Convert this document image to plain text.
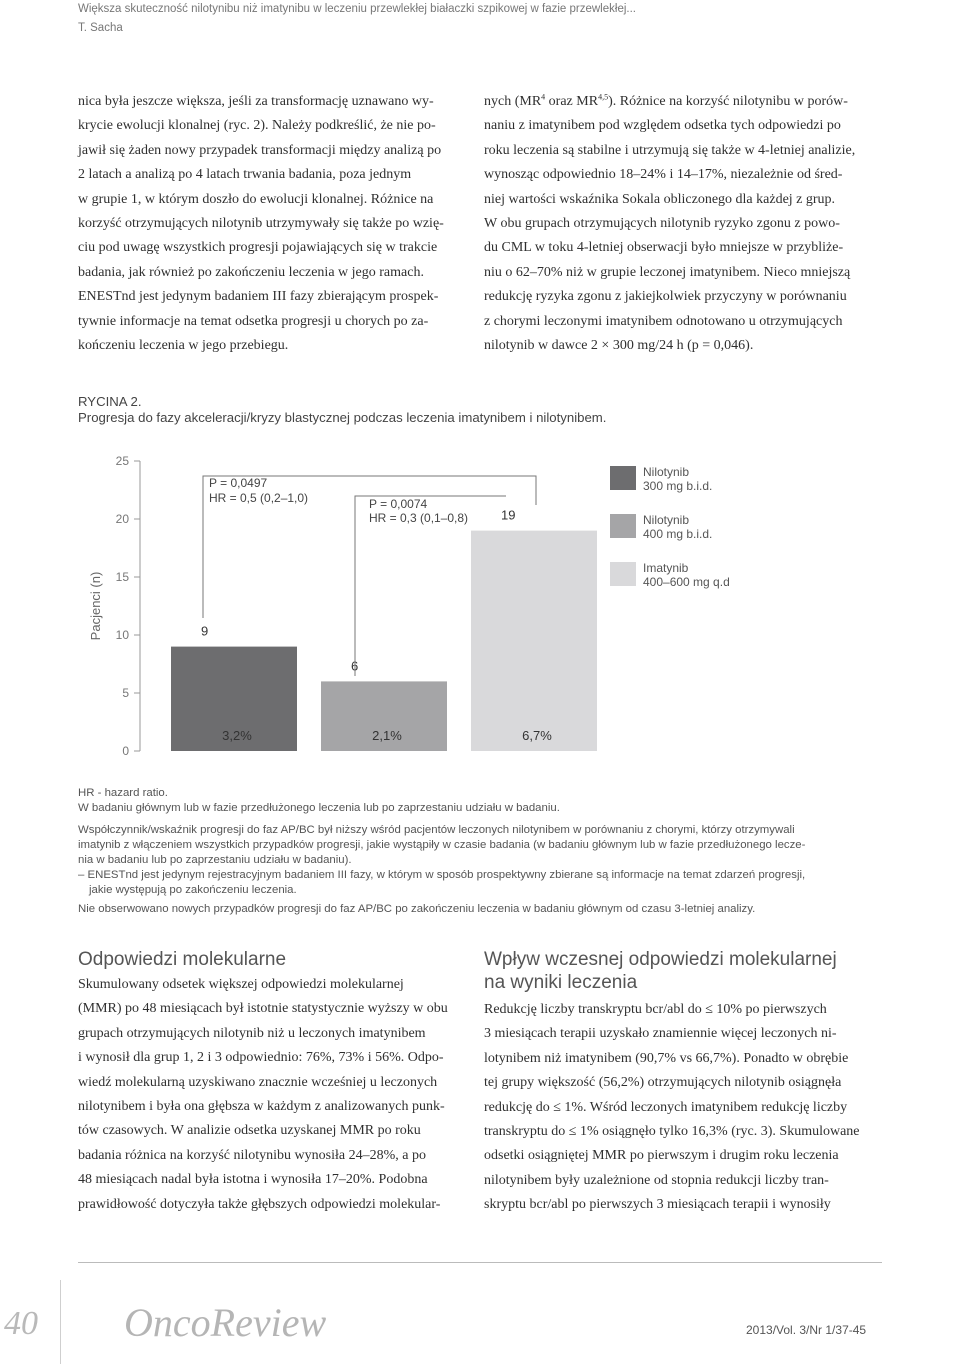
Większa skuteczność nilotynibu niż imatynibu w leczeniu przewlekłej białaczki szpikowej w fazie przewlekłej...
T. Sacha

nica była jeszcze większa, jeśli za transformację uznawano wy-

krycie ewolucji klonalnej (ryc. 2). Należy podkreślić, że nie po-

jawił się żaden nowy przypadek transformacji między analizą po

2 latach a analizą po 4 latach trwania badania, poza jednym

w grupie 1, w którym doszło do ewolucji klonalnej. Różnice na

korzyść otrzymujących nilotynib utrzymywały się także po wzię-

ciu pod uwagę wszystkich progresji pojawiających się w trakcie

badania, jak również po zakończeniu leczenia w jego ramach.

ENESTnd jest jedynym badaniem III fazy zbierającym prospek-

tywnie informacje na temat odsetka progresji u chorych po za-

kończeniu leczenia w jego przebiegu.

nych ($MR^4$ oraz MR$^{4,5}$). Różnice na korzyść nilotynibu w porów-

naniu z imatynibem pod względem odsetka tych odpowiedzi po

roku leczenia są stabilne i utrzymują się także w 4-letniej analizie,

wynosząc odpowiednio 18–24% i 14–17%, niezależnie od śred-

niej wartości wskaźnika Sokala obliczonego dla każdej z grup.

W obu grupach otrzymujących nilotynib ryzyko zgonu z powo-

du CML w toku 4-letniej obserwacji było mniejsze w przybliże-

niu o 62–70% niż w grupie leczonej imatynibem. Nieco mniejszą

redukcję ryzyka zgonu z jakiejkolwiek przyczyny w porównaniu

z chorymi leczonymi imatynibem odnotowano u otrzymujących

nilotynib w dawce 2 × 300 mg/24 h (p = 0,046).

RYCINA 2.
Progresja do fazy akceleracji/kryzy blastycznej podczas leczenia imatynibem i nilotynibem.
Pacjenci (n)
0
5
10
15
20
25
9
3,2%
6
2,1%
19
6,7%
P = 0,0497
HR = 0,5 (0,2–1,0)	P = 0,0074
HR = 0,3 (0,1–0,8)
Nilotynib
300 mg b.i.d.
Nilotynib
400 mg b.i.d.
Imatynib
400–600 mg q.d
HR - hazard ratio.
W badaniu głównym lub w fazie przedłużonego leczenia lub po zaprzestaniu udziału w badaniu.
Współczynnik/wskaźnik progresji do faz AP/BC był niższy wśród pacjentów leczonych nilotynibem w porównaniu z chorymi, którzy otrzymywali
imatynib z włączeniem wszystkich przypadków progresji, jakie wystąpiły w czasie badania (w badaniu głównym lub w fazie przedłużonego lecze-
nia w badaniu lub po zaprzestaniu udziału w badaniu).
– ENESTnd jest jedynym rejestracyjnym badaniem III fazy, w którym w sposób prospektywny zbierane są informacje na temat zdarzeń progresji,
jakie występują po zakończeniu leczenia.
Nie obserwowano nowych przypadków progresji do faz AP/BC po zakończeniu leczenia w badaniu głównym od czasu 3-letniej analizy.
Odpowiedzi molekularne

Skumulowany odsetek większej odpowiedzi molekularnej

(MMR) po 48 miesiącach był istotnie statystycznie wyższy w obu

grupach otrzymujących nilotynib niż u leczonych imatynibem

i wynosił dla grup 1, 2 i 3 odpowiednio: 76%, 73% i 56%. Odpo-

wiedź molekularną uzyskiwano znacznie wcześniej u leczonych

nilotynibem i była ona głębsza w każdym z analizowanych punk-

tów czasowych. W analizie odsetka uzyskanej MMR po roku

badania różnica na korzyść nilotynibu wynosiła 24–28%, a po

48 miesiącach nadal była istotna i wynosiła 17–20%. Podobna

prawidłowość dotyczyła także głębszych odpowiedzi molekular-

Wpływ wczesnej odpowiedzi molekularnej
na wyniki leczenia

Redukcję liczby transkryptu bcr/abl do ≤ 10% po pierwszych

3 miesiącach terapii uzyskało znamiennie więcej leczonych ni-

lotynibem niż imatynibem (90,7% vs 66,7%). Ponadto w obrębie

tej grupy większość (56,2%) otrzymujących nilotynib osiągnęła

redukcję do ≤ 1%. Wśród leczonych imatynibem redukcję liczby

transkryptu do ≤ 1% osiągnęło tylko 16,3% (ryc. 3). Skumulowane

odsetki osiągniętej MMR po pierwszym i drugim roku leczenia

nilotynibem były uzależnione od stopnia redukcji liczby tran-

skryptu bcr/abl po pierwszych 3 miesiącach terapii i wynosiły

40 OncoReview	2013/Vol. 3/Nr 1/37-45
